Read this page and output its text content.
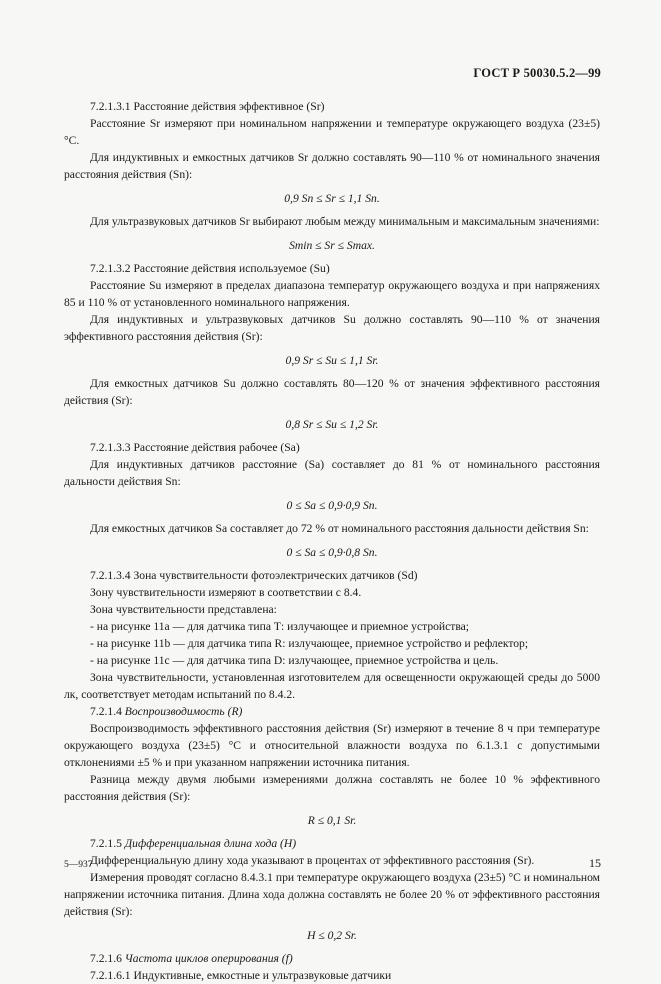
ГОСТ Р 50030.5.2—99

7.2.1.3.1 Расстояние действия эффективное (Sr)

Расстояние Sr измеряют при номинальном напряжении и температуре окружающего воздуха (23±5) °С.

Для индуктивных и емкостных датчиков Sr должно составлять 90—110 % от номинального значения расстояния действия (Sn):

0,9 Sn ≤ Sr ≤ 1,1 Sn.

Для ультразвуковых датчиков Sr выбирают любым между минимальным и максимальным значениями:

Smin ≤ Sr ≤ Smax.

7.2.1.3.2 Расстояние действия используемое (Su)

Расстояние Su измеряют в пределах диапазона температур окружающего воздуха и при напряжениях 85 и 110 % от установленного номинального напряжения.

Для индуктивных и ультразвуковых датчиков Su должно составлять 90—110 % от значения эффективного расстояния действия (Sr):

0,9 Sr ≤ Su ≤ 1,1 Sr.

Для емкостных датчиков Su должно составлять 80—120 % от значения эффективного расстояния действия (Sr):

0,8 Sr ≤ Su ≤ 1,2 Sr.

7.2.1.3.3 Расстояние действия рабочее (Sa)

Для индуктивных датчиков расстояние (Sa) составляет до 81 % от номинального расстояния дальности действия Sn:

0 ≤ Sa ≤ 0,9·0,9 Sn.

Для емкостных датчиков Sa составляет до 72 % от номинального расстояния дальности действия Sn:

0 ≤ Sa ≤ 0,9·0,8 Sn.

7.2.1.3.4 Зона чувствительности фотоэлектрических датчиков (Sd)

Зону чувствительности измеряют в соответствии с 8.4.

Зона чувствительности представлена:

- на рисунке 11а — для датчика типа Т: излучающее и приемное устройства;

- на рисунке 11b — для датчика типа R: излучающее, приемное устройство и рефлектор;

- на рисунке 11с — для датчика типа D: излучающее, приемное устройства и цель.

Зона чувствительности, установленная изготовителем для освещенности окружающей среды до 5000 лк, соответствует методам испытаний по 8.4.2.

7.2.1.4 Воспроизводимость (R)

Воспроизводимость эффективного расстояния действия (Sr) измеряют в течение 8 ч при температуре окружающего воздуха (23±5) °С и относительной влажности воздуха по 6.1.3.1 с допустимыми отклонениями ±5 % и при указанном напряжении источника питания.

Разница между двумя любыми измерениями должна составлять не более 10 % эффективного расстояния действия (Sr):

R ≤ 0,1 Sr.

7.2.1.5 Дифференциальная длина хода (H)

Дифференциальную длину хода указывают в процентах от эффективного расстояния (Sr).

Измерения проводят согласно 8.4.3.1 при температуре окружающего воздуха (23±5) °С и номинальном напряжении источника питания. Длина хода должна составлять не более 20 % от эффективного расстояния действия (Sr):

H ≤ 0,2 Sr.

7.2.1.6 Частота циклов оперирования (f)

7.2.1.6.1 Индуктивные, емкостные и ультразвуковые датчики

5—937	15
